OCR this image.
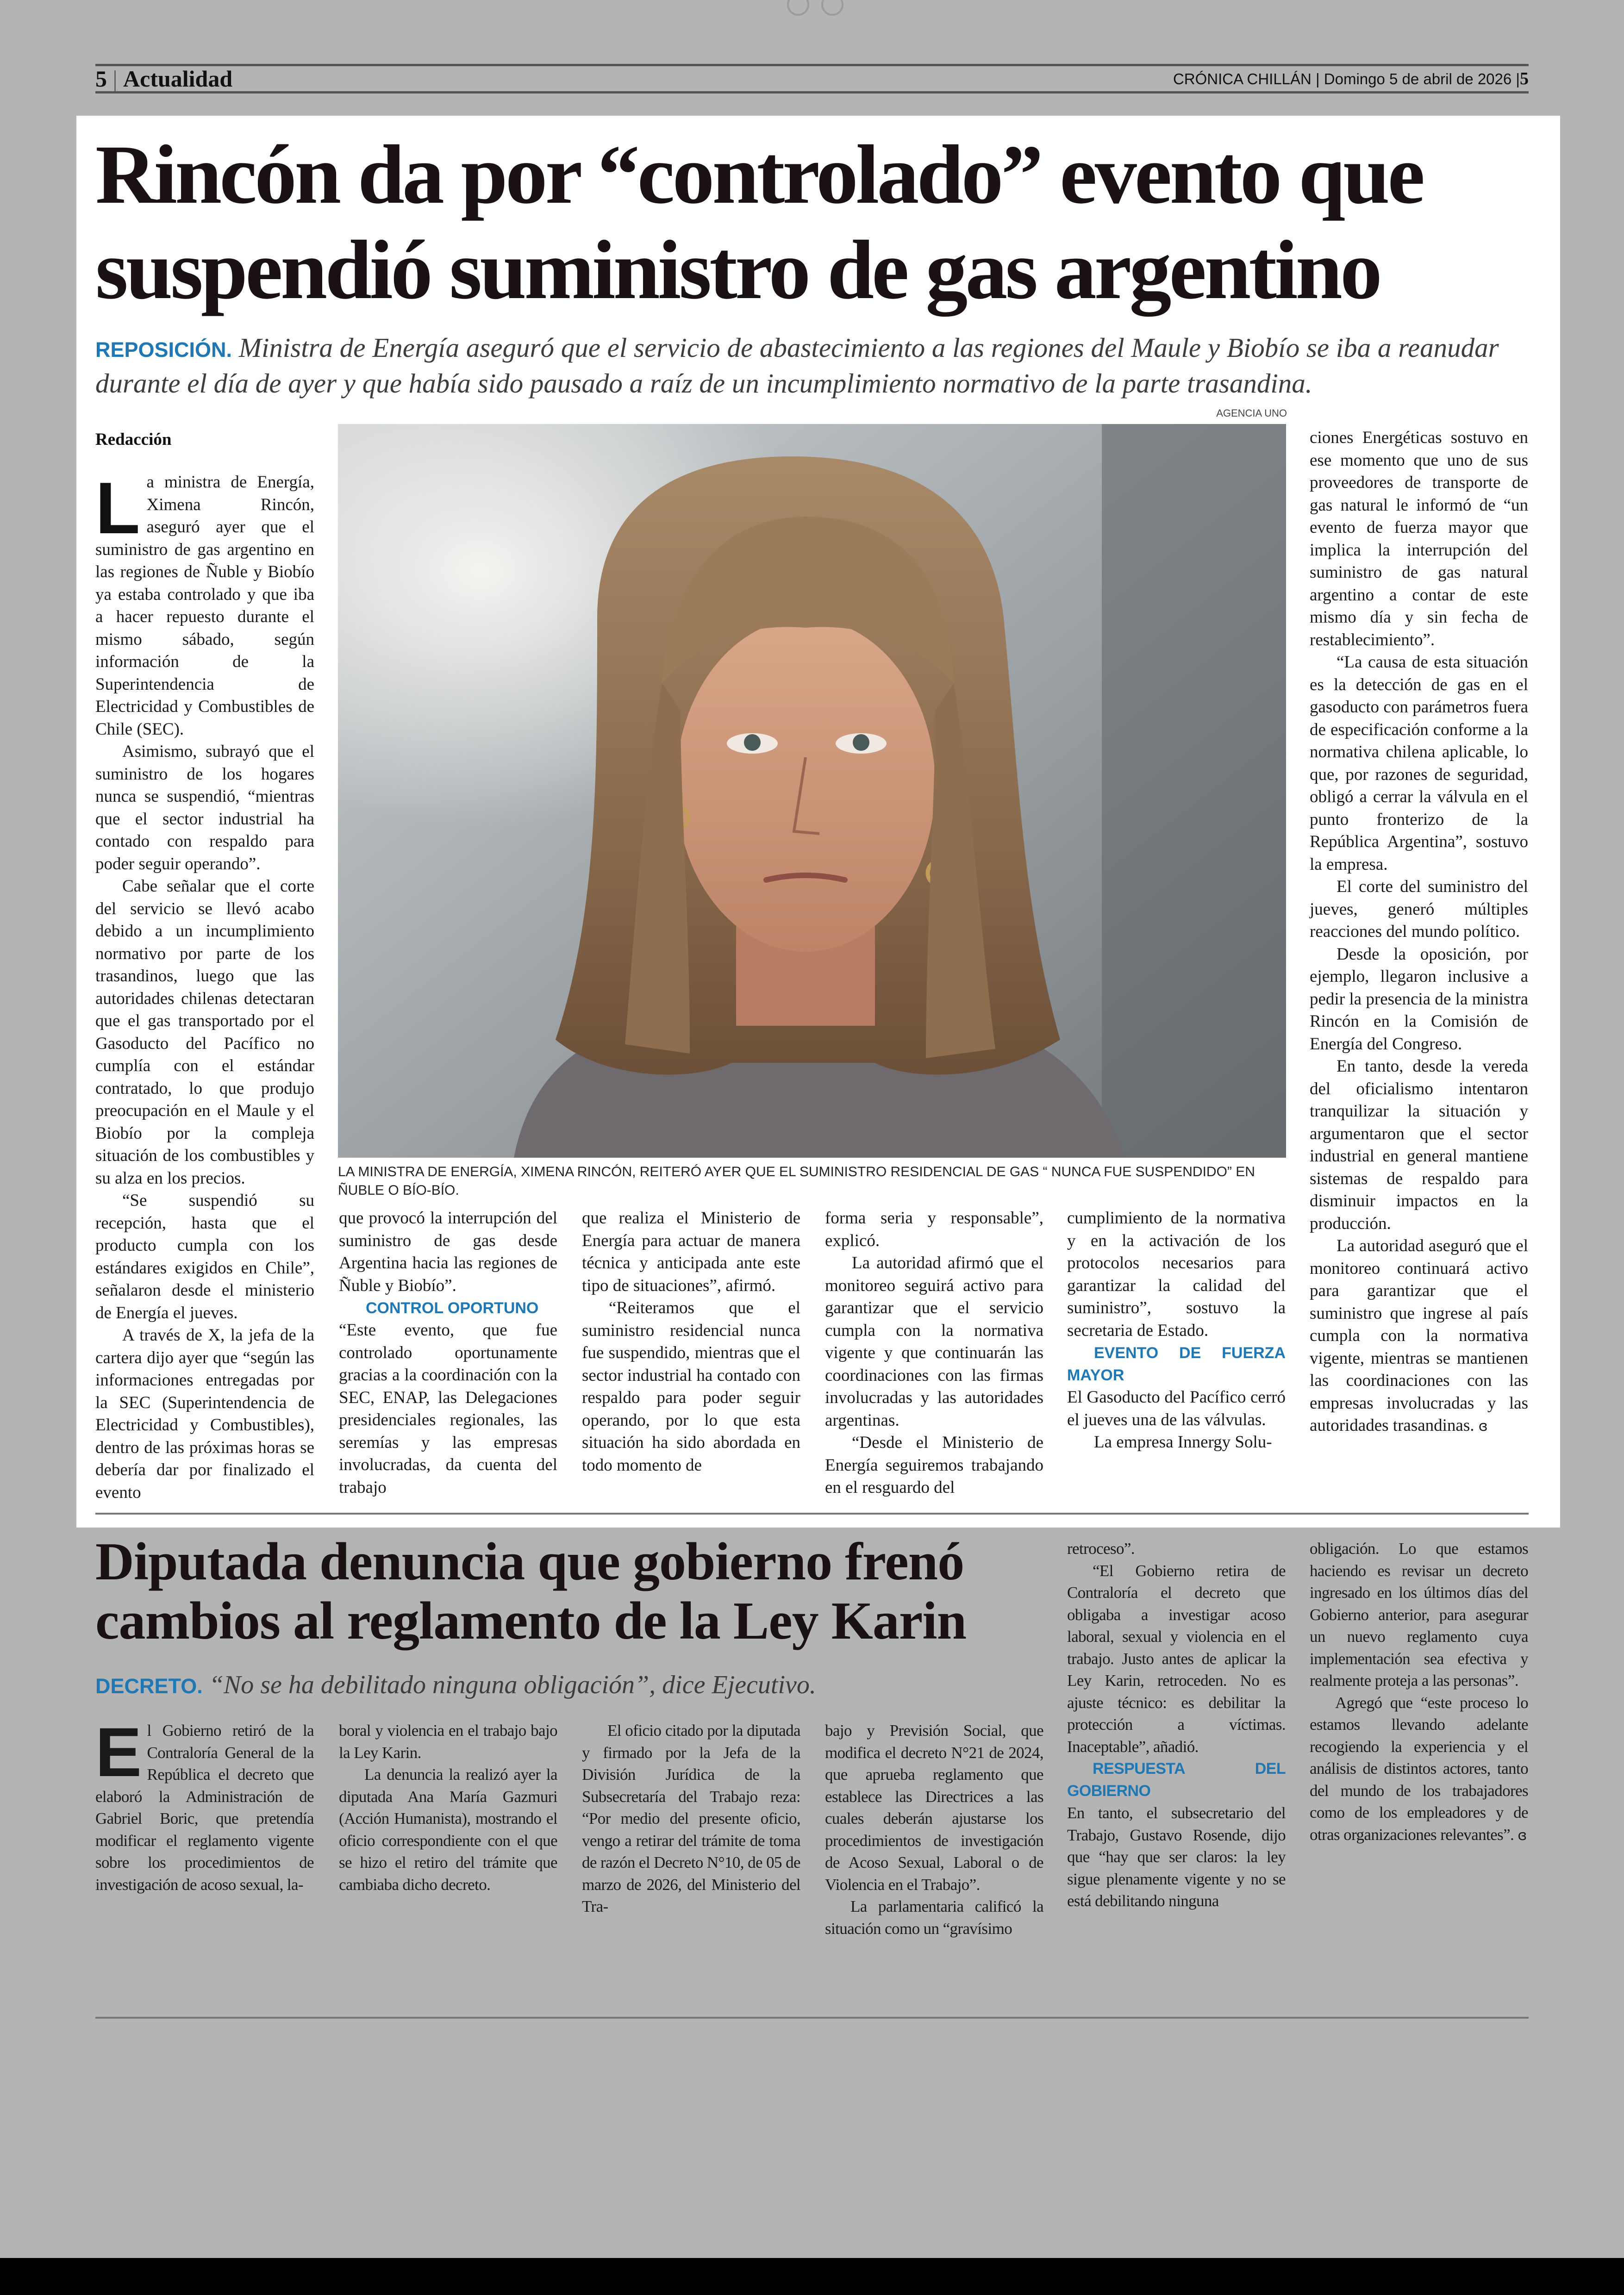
5 | Actualidad	CRÓNICA CHILLÁN | Domingo 5 de abril de 2026 |5
Rincón da por “controlado” evento que suspendió suministro de gas argentino

REPOSICIÓN. Ministra de Energía aseguró que el servicio de abastecimiento a las regiones del Maule y Biobío se iba a reanudar durante el día de ayer y que había sido pausado a raíz de un incumplimiento normativo de la parte trasandina.

Redacción
AGENCIA UNO

LA MINISTRA DE ENERGÍA, XIMENA RINCÓN, REITERÓ AYER QUE EL SUMINISTRO RESIDENCIAL DE GAS “ NUNCA FUE SUSPENDIDO” EN ÑUBLE O BÍO-BÍO.

La ministra de Energía, Ximena Rincón, aseguró ayer que el suministro de gas argentino en las regiones de Ñuble y Biobío ya estaba controlado y que iba a hacer repuesto durante el mismo sábado, según información de la Superintendencia de Electricidad y Combustibles de Chile (SEC).

Asimismo, subrayó que el suministro de los hogares nunca se suspendió, “mientras que el sector industrial ha contado con respaldo para poder seguir operando”.

Cabe señalar que el corte del servicio se llevó acabo debido a un incumplimiento normativo por parte de los trasandinos, luego que las autoridades chilenas detectaran que el gas transportado por el Gasoducto del Pacífico no cumplía con el estándar contratado, lo que produjo preocupación en el Maule y el Biobío por la compleja situación de los combustibles y su alza en los precios.

“Se suspendió su recepción, hasta que el producto cumpla con los estándares exigidos en Chile”, señalaron desde el ministerio de Energía el jueves.

A través de X, la jefa de la cartera dijo ayer que “según las informaciones entregadas por la SEC (Superintendencia de Electricidad y Combustibles), dentro de las próximas horas se debería dar por finalizado el evento

que provocó la interrupción del suministro de gas desde Argentina hacia las regiones de Ñuble y Biobío”.

CONTROL OPORTUNO

“Este evento, que fue controlado oportunamente gracias a la coordinación con la SEC, ENAP, las Delegaciones presidenciales regionales, las seremías y las empresas involucradas, da cuenta del trabajo

que realiza el Ministerio de Energía para actuar de manera técnica y anticipada ante este tipo de situaciones”, afirmó.

“Reiteramos que el suministro residencial nunca fue suspendido, mientras que el sector industrial ha contado con respaldo para poder seguir operando, por lo que esta situación ha sido abordada en todo momento de

forma seria y responsable”, explicó.

La autoridad afirmó que el monitoreo seguirá activo para garantizar que el servicio cumpla con la normativa vigente y que continuarán las coordinaciones con las firmas involucradas y las autoridades argentinas.

“Desde el Ministerio de Energía seguiremos trabajando en el resguardo del

cumplimiento de la normativa y en la activación de los protocolos necesarios para garantizar la calidad del suministro”, sostuvo la secretaria de Estado.

EVENTO DE FUERZA MAYOR

El Gasoducto del Pacífico cerró el jueves una de las válvulas.

La empresa Innergy Solu-

ciones Energéticas sostuvo en ese momento que uno de sus proveedores de transporte de gas natural le informó de “un evento de fuerza mayor que implica la interrupción del suministro de gas natural argentino a contar de este mismo día y sin fecha de restablecimiento”.

“La causa de esta situación es la detección de gas en el gasoducto con parámetros fuera de especificación conforme a la normativa chilena aplicable, lo que, por razones de seguridad, obligó a cerrar la válvula en el punto fronterizo de la República Argentina”, sostuvo la empresa.

El corte del suministro del jueves, generó múltiples reacciones del mundo político.

Desde la oposición, por ejemplo, llegaron inclusive a pedir la presencia de la ministra Rincón en la Comisión de Energía del Congreso.

En tanto, desde la vereda del oficialismo intentaron tranquilizar la situación y argumentaron que el sector industrial en general mantiene sistemas de respaldo para disminuir impactos en la producción.

La autoridad aseguró que el monitoreo continuará activo para garantizar que el suministro que ingrese al país cumpla con la normativa vigente, mientras se mantienen las coordinaciones con las empresas involucradas y las autoridades trasandinas. ɞ

Diputada denuncia que gobierno frenó cambios al reglamento de la Ley Karin

DECRETO. “No se ha debilitado ninguna obligación”, dice Ejecutivo.

El Gobierno retiró de la Contraloría General de la República el decreto que elaboró la Administración de Gabriel Boric, que pretendía modificar el reglamento vigente sobre los procedimientos de investigación de acoso sexual, la-

boral y violencia en el trabajo bajo la Ley Karin.

La denuncia la realizó ayer la diputada Ana María Gazmuri (Acción Humanista), mostrando el oficio correspondiente con el que se hizo el retiro del trámite que cambiaba dicho decreto.

El oficio citado por la diputada y firmado por la Jefa de la División Jurídica de la Subsecretaría del Trabajo reza: “Por medio del presente oficio, vengo a retirar del trámite de toma de razón el Decreto N°10, de 05 de marzo de 2026, del Ministerio del Tra-

bajo y Previsión Social, que modifica el decreto N°21 de 2024, que aprueba reglamento que establece las Directrices a las cuales deberán ajustarse los procedimientos de investigación de Acoso Sexual, Laboral o de Violencia en el Trabajo”.

La parlamentaria calificó la situación como un “gravísimo

retroceso”.

“El Gobierno retira de Contraloría el decreto que obligaba a investigar acoso laboral, sexual y violencia en el trabajo. Justo antes de aplicar la Ley Karin, retroceden. No es ajuste técnico: es debilitar la protección a víctimas. Inaceptable”, añadió.

RESPUESTA DEL GOBIERNO

En tanto, el subsecretario del Trabajo, Gustavo Rosende, dijo que “hay que ser claros: la ley sigue plenamente vigente y no se está debilitando ninguna

obligación. Lo que estamos haciendo es revisar un decreto ingresado en los últimos días del Gobierno anterior, para asegurar un nuevo reglamento cuya implementación sea efectiva y realmente proteja a las personas”.

Agregó que “este proceso lo estamos llevando adelante recogiendo la experiencia y el análisis de distintos actores, tanto del mundo de los trabajadores como de los empleadores y de otras organizaciones relevantes”. ɞ
